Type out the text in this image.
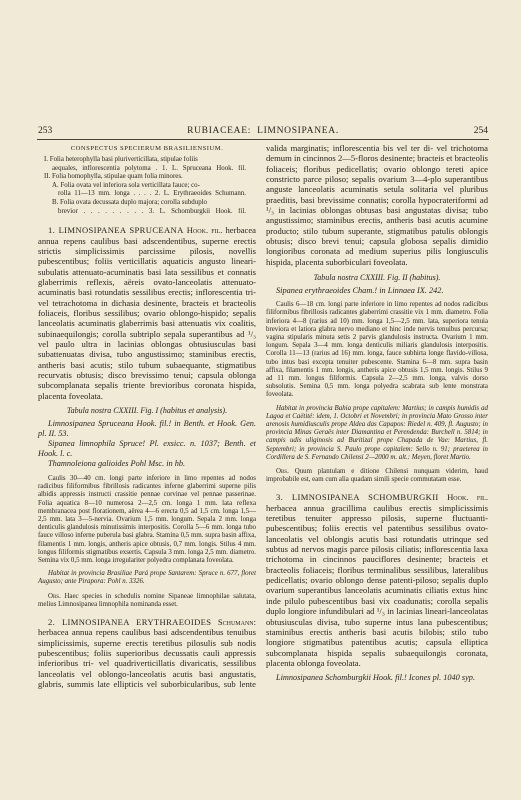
253	RUBIACEAE: LIMNOSIPANEA.	254
CONSPECTUS SPECIERUM BRASILIENSIUM.
I. Folia heterophylla basi pluriverticillata, stipulae foliis
aequales, inflorescentia polytoma . 1. L. Spruceana Hook. fil.
II. Folia homophylla, stipulae quam folia minores.
A. Folia ovata vel inferiora sola verticillata fauce; co-
rolla 11—13 mm. longa . . . . 2. L. Erythraeoides Schumann.
B. Folia ovata decussata duplo majora; corolla subduplo
brevior . . . . . . . . . 3. L. Schomburgkii Hook. fil.

1. LIMNOSIPANEA SPRUCEANA Hook. fil. herbacea annua repens caulibus basi adscendentibus, superne erectis strictis simplicissimis parcissime pilosis, novellis pubescentibus; foliis verticillatis aquaticis angusto lineari-subulatis attenuato-acuminatis basi lata sessilibus et connatis glaberrimis reflexis, aëreis ovato-lanceolatis attenuato-acuminatis basi rotundatis sessilibus erectis; inflorescentia tri- vel tetrachotoma in dichasia desinente, bracteis et bracteolis foliaceis, floribus sessilibus; ovario oblongo-hispido; sepalis lanceolatis acuminatis glaberrimis basi attenuatis vix coalitis, subinaequilongis; corolla subtriplo sepala superantibus ad ¹/₃ vel paulo ultra in lacinias oblongas obtusiusculas basi subattenuatas divisa, tubo angustissimo; staminibus erectis, antheris basi acutis; stilo tubum subaequante, stigmatibus recurvatis obtusis; disco brevissimo tenui; capsula oblonga subcomplanata sepalis triente brevioribus coronata hispida, placenta foveolata.

Tabula nostra CXXIII. Fig. I (habitus et analysis).

Limnosipanea Spruceana Hook. fil.! in Benth. et Hook. Gen. pl. II. 53.

Sipanea limnophila Spruce! Pl. exsicc. n. 1037; Benth. et Hook. l. c.

Thamnoleiona galioides Pohl Msc. in hb.

Caulis 30—40 cm. longi parte inferiore in limo repentes ad nodos radicibus filiformibus fibrillosis radicantes inferne glaberrimi superne pilis albidis appressis instructi crassitie pennae corvinae vel pennae passerinae. Folia aquatica 8—10 numerosa 2—2,5 cm. longa 1 mm. lata reflexa membranacea post florationem, aërea 4—6 erecta 0,5 ad 1,5 cm. longa 1,5—2,5 mm. lata 3—5-nervia. Ovarium 1,5 mm. longum. Sepala 2 mm. longa denticulis glandulosis minutissimis interpositis. Corolla 5—6 mm. longa tubo fauce villoso inferne puberula basi glabra. Stamina 0,5 mm. supra basin affixa, filamentis 1 mm. longis, antheris apice obtusis, 0,7 mm. longis. Stilus 4 mm. longus filiformis stigmatibus exsertis. Capsula 3 mm. longa 2,5 mm. diametro. Semina vix 0,5 mm. longa irregulariter polyedra complanata foveolata.

Habitat in provincia Brasiliae Pará prope Santarem: Spruce n. 677, floret Augusto; ante Pirapora: Pohl n. 3326.

Obs. Haec species in schedulis nomine Sipaneae limnophilae salutata, melius Limnosipanea limnophila nominanda esset.

2. LIMNOSIPANEA ERYTHRAEOIDES Schumann: herbacea annua repens caulibus basi adscendentibus tenuibus simplicissimis, superne erectis teretibus pilosulis sub nodis pubescentibus; foliis superioribus decussatis cauli appressis inferioribus tri- vel quadriverticillatis divaricatis, sessilibus lanceolatis vel oblongo-lanceolatis acutis basi angustatis, glabris, summis late ellipticis vel suborbicularibus, sub lente

valida marginatis; inflorescentia bis vel ter di- vel trichotoma demum in cincinnos 2—5-floros desinente; bracteis et bracteolis foliaceis; floribus pedicellatis; ovario oblongo tereti apice constricto parce piloso; sepalis ovarium 3—4-plo superantibus anguste lanceolatis acuminatis setula solitaria vel pluribus praeditis, basi brevissime connatis; corolla hypocrateriformi ad ¹/₃ in lacinias oblongas obtusas basi angustatas divisa; tubo angustissimo; staminibus erectis, antheris basi acutis acumine producto; stilo tubum superante, stigmatibus patulis oblongis obtusis; disco brevi tenui; capsula globosa sepalis dimidio longioribus coronata ad medium superius pilis longiusculis hispida, placenta suborbiculari foveolata.

Tabula nostra CXXIII. Fig. II (habitus).

Sipanea erythraeoides Cham.! in Linnaea IX. 242.

Caulis 6—18 cm. longi parte inferiore in limo repentes ad nodos radicibus filiformibus fibrillosis radicantes glaberrimi crassitie vix 1 mm. diametro. Folia inferiora 4—8 (rarius ad 10) mm. longa 1,5—2,5 mm. lata, superiora tenuia breviora et latiora glabra nervo mediano et hinc inde nervis tenuibus percursa; vagina stipularis minuta setis 2 parvis glandulosis instructa. Ovarium 1 mm. longum. Sepala 3—4 mm. longa denticulis miliaris glandulosis interpositis. Corolla 11—13 (rarius ad 16) mm. longa, fauce subhirta longe flavido-villosa, tubo intus basi excepta tenuiter pubescente. Stamina 6—8 mm. supra basin affixa, filamentis 1 mm. longis, antheris apice obtusis 1,5 mm. longis. Stilus 9 ad 11 mm. longus filiformis. Capsula 2—2,5 mm. longa, valvis dorso subsolutis. Semina 0,5 mm. longa polyedra scabrata sub lente monstrata foveolata.

Habitat in provincia Bahia prope capitalem: Martius; in campis humidis ad Lagoa et Caëtité: idem, 1. Octobri et Novembri; in provincia Mato Grosso inter arenosis humidiusculis prope Aldea das Capapos: Riedel n. 409, fl. Augusto; in provincia Minas Geraës inter Diamantina et Perendenda: Burchell n. 5814; in campis udis uliginosis ad Buritizal prope Chapada de Vae: Martius, fl. Septembri; in provincia S. Paulo prope capitalem: Sello n. 91; praeterea in Cordillera de S. Fernando Chilensi 2—2000 m. alt.: Meyen, floret Martio.

Obs. Quum plantulam e ditione Chilensi nunquam viderim, haud improbabile est, eam cum alia quadam simili specie commutatam esse.

3. LIMNOSIPANEA SCHOMBURGKII Hook. fil. herbacea annua gracillima caulibus erectis simplicissimis teretibus tenuiter appresso pilosis, superne fluctuanti-pubescentibus; foliis erectis vel patentibus sessilibus ovato-lanceolatis vel oblongis acutis basi rotundatis utrinque sed subtus ad nervos magis parce pilosis ciliatis; inflorescentia laxa trichotoma in cincinnos pauciflores desinente; bracteis et bracteolis foliaceis; floribus terminalibus sessilibus, lateralibus pedicellatis; ovario oblongo dense patenti-piloso; sepalis duplo ovarium superantibus lanceolatis acuminatis ciliatis extus hinc inde pilulo pubescentibus basi vix coadunatis; corolla sepalis duplo longiore infundibulari ad ¹/₃ in lacinias lineari-lanceolatas obtusiusculas divisa, tubo superne intus lana pubescentibus; staminibus erectis antheris basi acutis bilobis; stilo tubo longiore stigmatibus patentibus acutis; capsula elliptica subcomplanata hispida sepalis subaequilongis coronata, placenta oblonga foveolata.

Limnosipanea Schomburgkii Hook. fil.! Icones pl. 1040 syp.
